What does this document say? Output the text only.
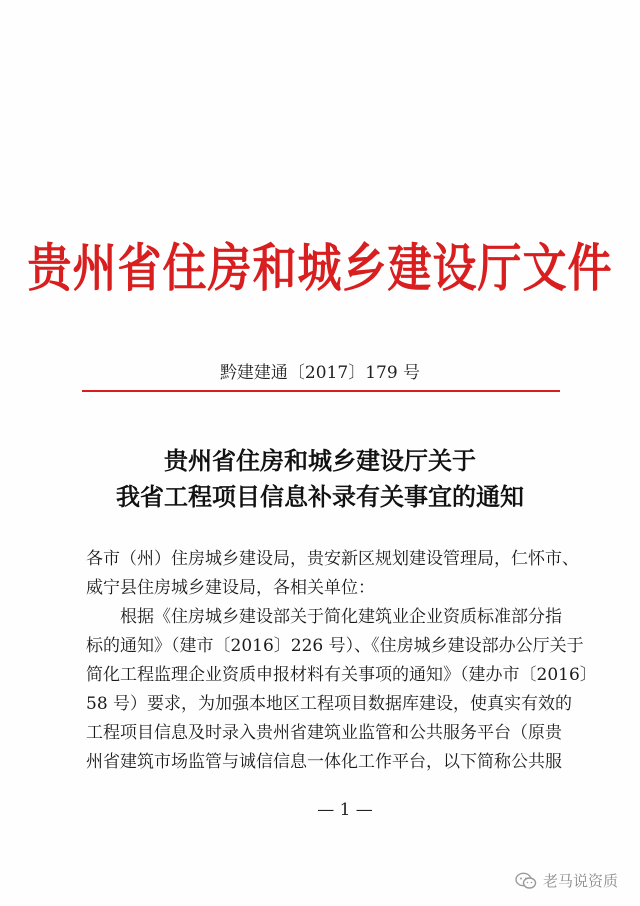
贵州省住房和城乡建设厅文件
黔建建通〔2017〕179 号
贵州省住房和城乡建设厅关于
我省工程项目信息补录有关事宜的通知
各市（州）住房城乡建设局，贵安新区规划建设管理局，仁怀市、
威宁县住房城乡建设局，各相关单位：
根据《住房城乡建设部关于简化建筑业企业资质标准部分指
标的通知》（建市〔2016〕226 号）、《住房城乡建设部办公厅关于
简化工程监理企业资质申报材料有关事项的通知》（建办市〔2016〕
58 号）要求，为加强本地区工程项目数据库建设，使真实有效的
工程项目信息及时录入贵州省建筑业监管和公共服务平台（原贵
州省建筑市场监管与诚信信息一体化工作平台，以下简称公共服
— 1 —
老马说资质
